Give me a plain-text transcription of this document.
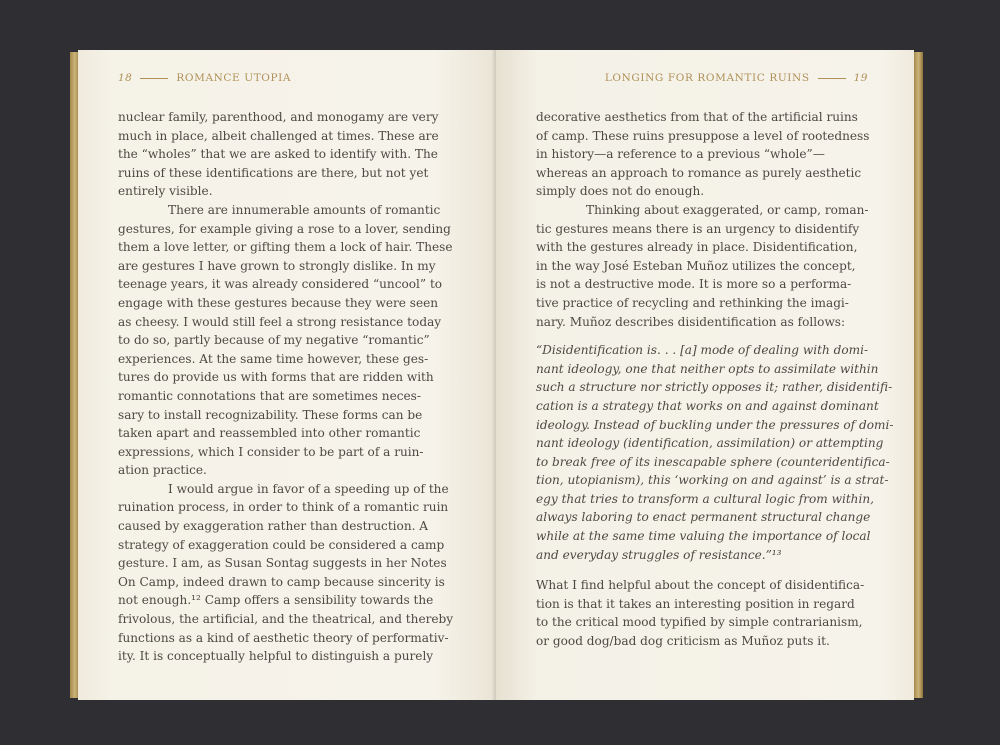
18	ROMANCE UTOPIA
nuclear family, parenthood, and monogamy are very
much in place, albeit challenged at times. These are
the “wholes” that we are asked to identify with. The
ruins of these identifications are there, but not yet
entirely visible.
There are innumerable amounts of romantic
gestures, for example giving a rose to a lover, sending
them a love letter, or gifting them a lock of hair. These
are gestures I have grown to strongly dislike. In my
teenage years, it was already considered “uncool” to
engage with these gestures because they were seen
as cheesy. I would still feel a strong resistance today
to do so, partly because of my negative “romantic”
experiences. At the same time however, these ges-
tures do provide us with forms that are ridden with
romantic connotations that are sometimes neces-
sary to install recognizability. These forms can be
taken apart and reassembled into other romantic
expressions, which I consider to be part of a ruin-
ation practice.
I would argue in favor of a speeding up of the
ruination process, in order to think of a romantic ruin
caused by exaggeration rather than destruction. A
strategy of exaggeration could be considered a camp
gesture. I am, as Susan Sontag suggests in her Notes
On Camp, indeed drawn to camp because sincerity is
not enough.¹² Camp offers a sensibility towards the
frivolous, the artificial, and the theatrical, and thereby
functions as a kind of aesthetic theory of performativ-
ity. It is conceptually helpful to distinguish a purely
LONGING FOR ROMANTIC RUINS	19
decorative aesthetics from that of the artificial ruins
of camp. These ruins presuppose a level of rootedness
in history—a reference to a previous “whole”—
whereas an approach to romance as purely aesthetic
simply does not do enough.
Thinking about exaggerated, or camp, roman-
tic gestures means there is an urgency to disidentify
with the gestures already in place. Disidentification,
in the way José Esteban Muñoz utilizes the concept,
is not a destructive mode. It is more so a performa-
tive practice of recycling and rethinking the imagi-
nary. Muñoz describes disidentification as follows:
“Disidentification is. . . [a] mode of dealing with domi-
nant ideology, one that neither opts to assimilate within
such a structure nor strictly opposes it; rather, disidentifi-
cation is a strategy that works on and against dominant
ideology. Instead of buckling under the pressures of domi-
nant ideology (identification, assimilation) or attempting
to break free of its inescapable sphere (counteridentifica-
tion, utopianism), this ‘working on and against’ is a strat-
egy that tries to transform a cultural logic from within,
always laboring to enact permanent structural change
while at the same time valuing the importance of local
and everyday struggles of resistance.”¹³
What I find helpful about the concept of disidentifica-
tion is that it takes an interesting position in regard
to the critical mood typified by simple contrarianism,
or good dog/bad dog criticism as Muñoz puts it.
